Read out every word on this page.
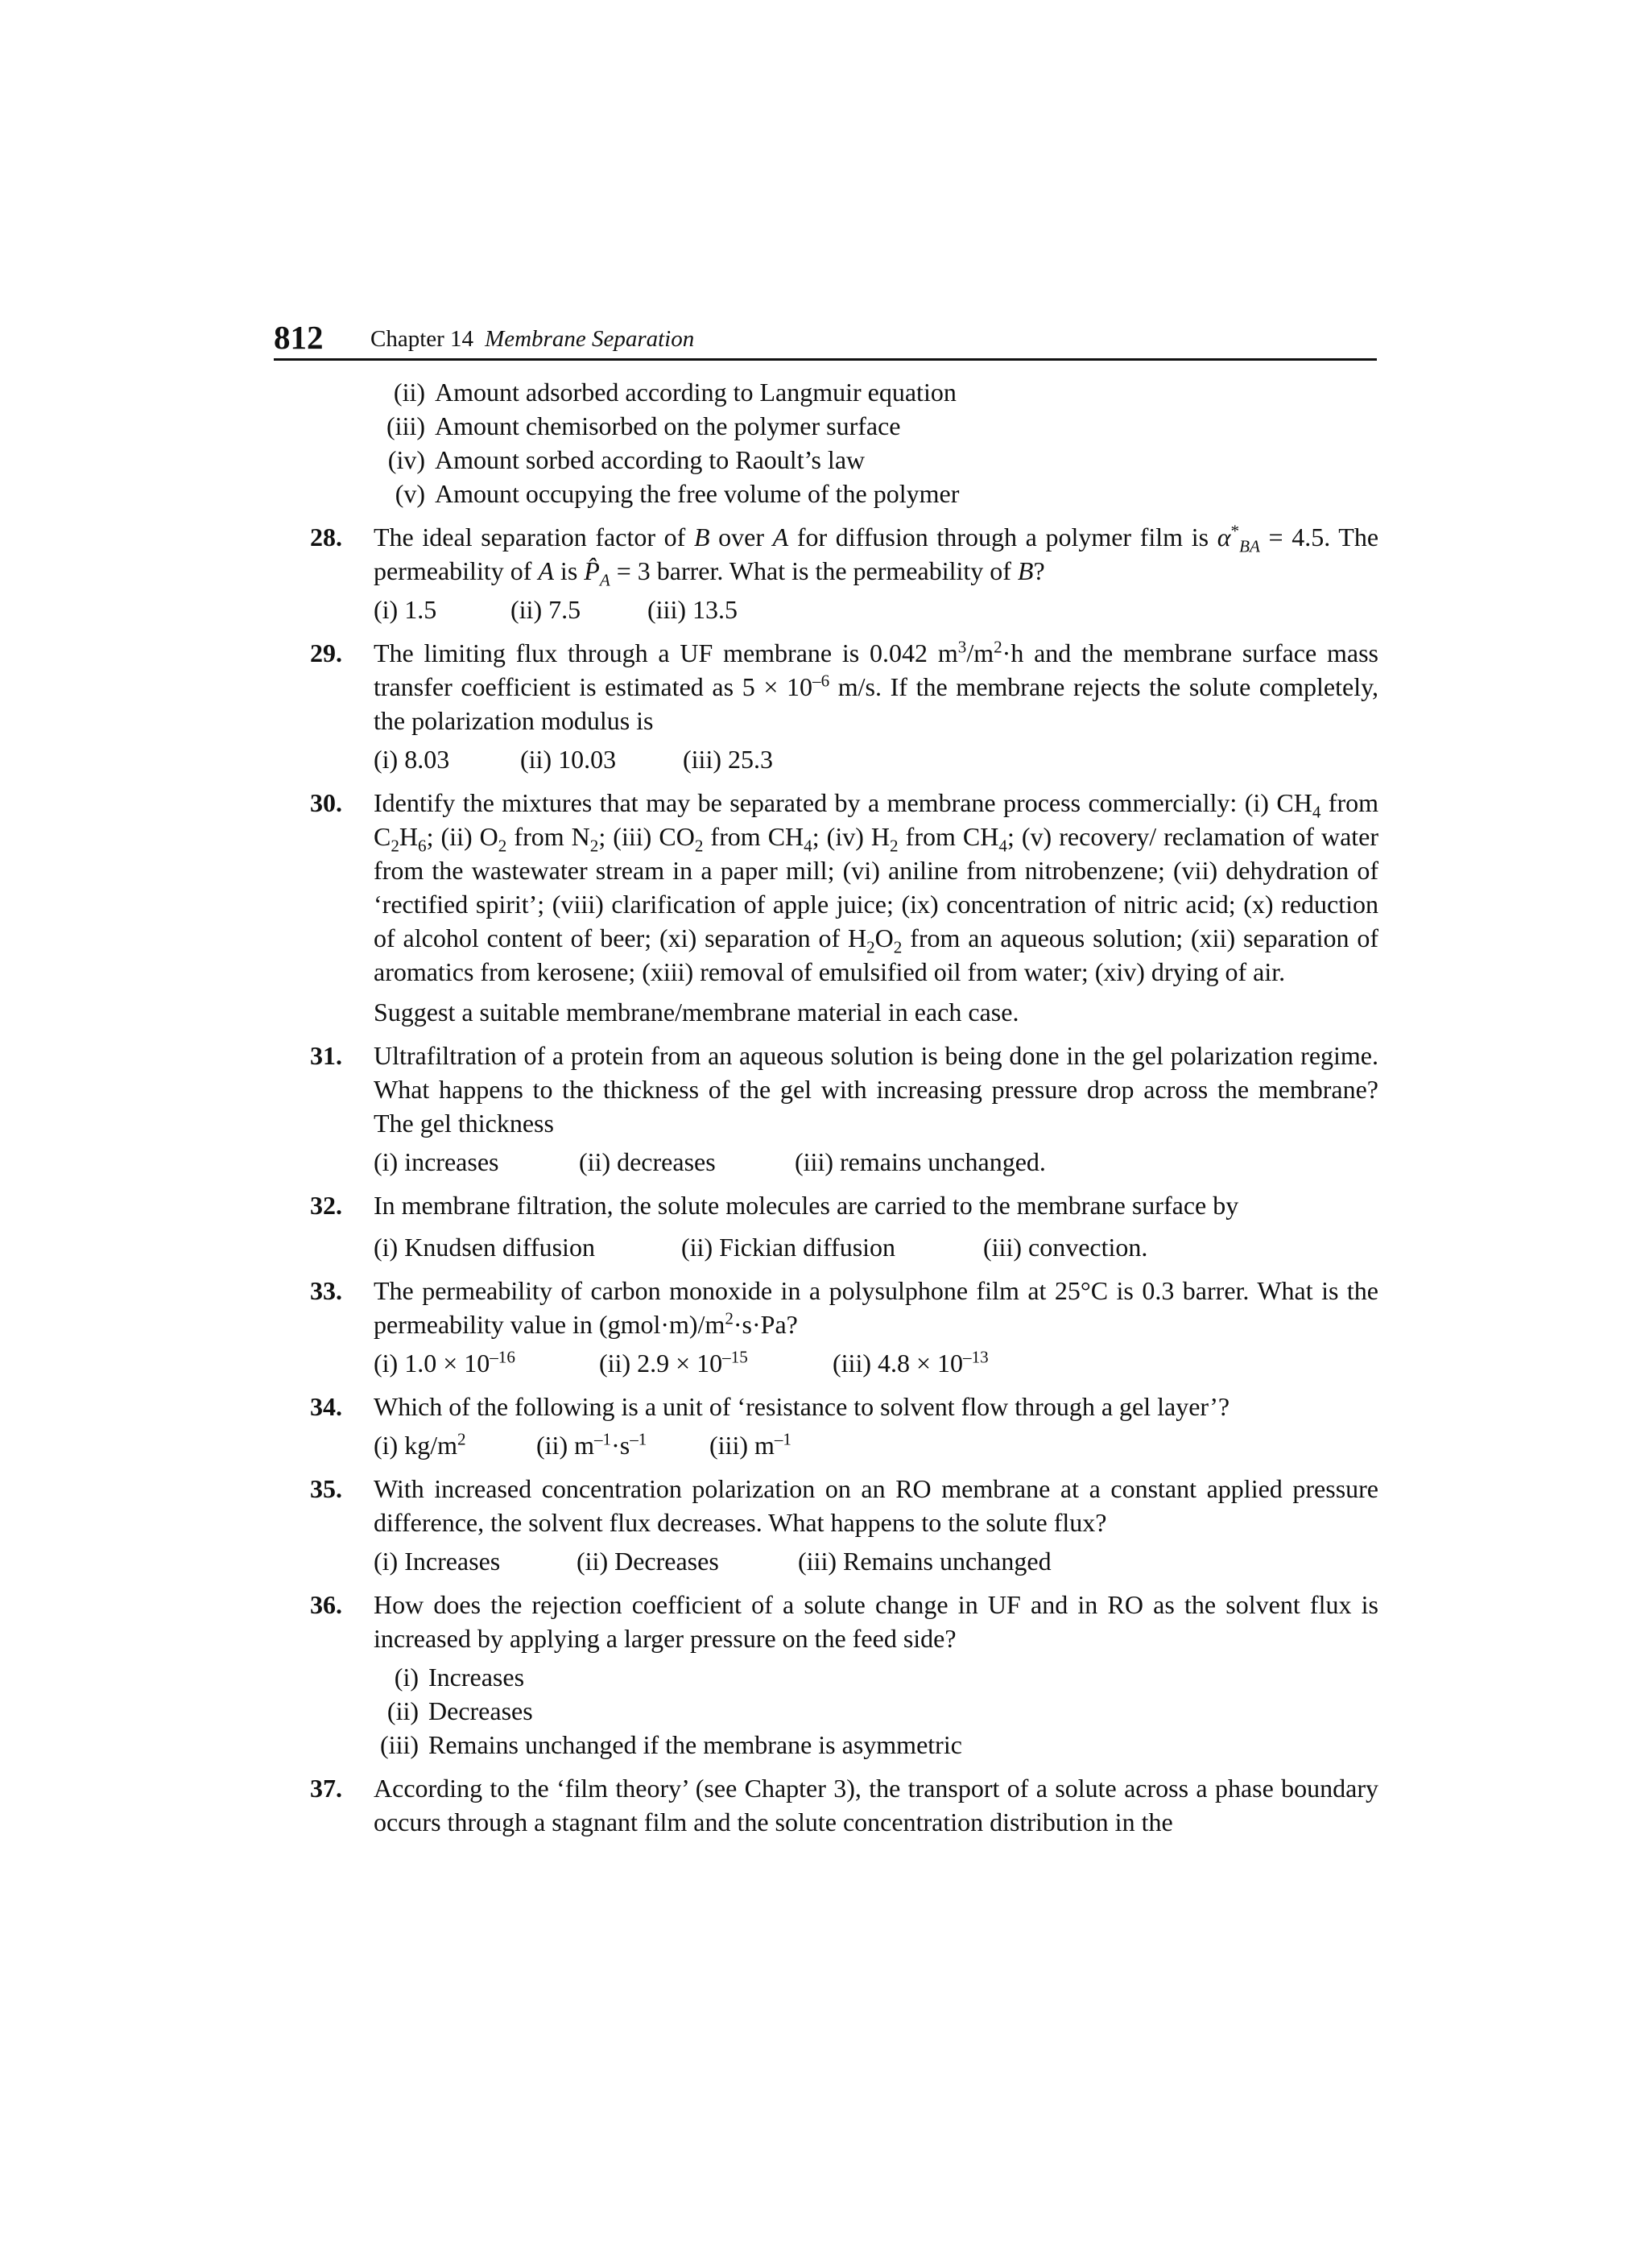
812 Chapter 14 Membrane Separation
(ii) Amount adsorbed according to Langmuir equation
(iii) Amount chemisorbed on the polymer surface
(iv) Amount sorbed according to Raoult’s law
(v) Amount occupying the free volume of the polymer
28. The ideal separation factor of B over A for diffusion through a polymer film is $\alpha^*_{BA} = 4.5$. The permeability of A is $P̂_A = 3$ barrer. What is the permeability of B?
(i) 1.5	(ii) 7.5	(iii) 13.5
29. The limiting flux through a UF membrane is 0.042 $m^3/m^2\cdot h$ and the membrane surface mass transfer coefficient is estimated as $5 \times 10^{-6}$ m/s. If the membrane rejects the solute completely, the polarization modulus is
(i) 8.03	(ii) 10.03	(iii) 25.3
30. Identify the mixtures that may be separated by a membrane process commercially: (i) $CH_4$ from $C_2H_6$; (ii) $O_2$ from $N_2$; (iii) $CO_2$ from $CH_4$; (iv) $H_2$ from $CH_4$; (v) recovery/ reclamation of water from the wastewater stream in a paper mill; (vi) aniline from nitrobenzene; (vii) dehydration of ‘rectified spirit’; (viii) clarification of apple juice; (ix) concentration of nitric acid; (x) reduction of alcohol content of beer; (xi) separation of $H_2O_2$ from an aqueous solution; (xii) separation of aromatics from kerosene; (xiii) removal of emulsified oil from water; (xiv) drying of air.
Suggest a suitable membrane/membrane material in each case.
31. Ultrafiltration of a protein from an aqueous solution is being done in the gel polarization regime. What happens to the thickness of the gel with increasing pressure drop across the membrane? The gel thickness
(i) increases	(ii) decreases	(iii) remains unchanged.
32. In membrane filtration, the solute molecules are carried to the membrane surface by
(i) Knudsen diffusion	(ii) Fickian diffusion	(iii) convection.
33. The permeability of carbon monoxide in a polysulphone film at 25°C is 0.3 barrer. What is the permeability value in $(gmol\cdot m)/m^2\cdot s\cdot Pa$?
(i) $1.0 \times 10^{-16}$	(ii) $2.9 \times 10^{-15}$	(iii) $4.8 \times 10^{-13}$
34. Which of the following is a unit of ‘resistance to solvent flow through a gel layer’?
(i) $kg/m^2$	(ii) $m^{-1}\cdot s^{-1}$	(iii) $m^{-1}$
35. With increased concentration polarization on an RO membrane at a constant applied pressure difference, the solvent flux decreases. What happens to the solute flux?
(i) Increases	(ii) Decreases	(iii) Remains unchanged
36. How does the rejection coefficient of a solute change in UF and in RO as the solvent flux is increased by applying a larger pressure on the feed side?
(i) Increases
(ii) Decreases
(iii) Remains unchanged if the membrane is asymmetric
37. According to the ‘film theory’ (see Chapter 3), the transport of a solute across a phase boundary occurs through a stagnant film and the solute concentration distribution in the
